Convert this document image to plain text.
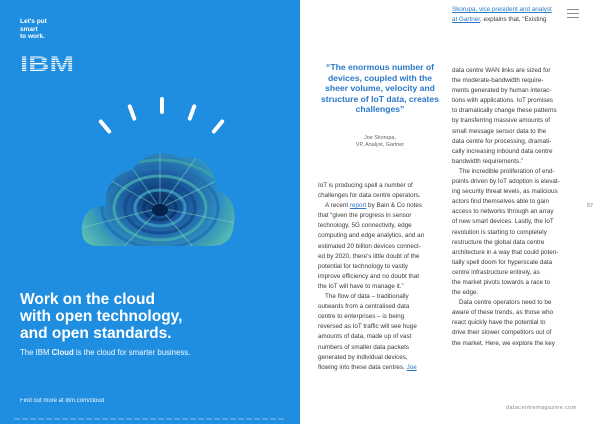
Let's put
smart
to work.
IBM
Work on the cloud
with open technology,
and open standards.
The IBM Cloud is the cloud for smarter business.
Find out more at ibm.com/cloud
“The enormous number of devices, coupled with the sheer volume, velocity and structure of IoT data, creates challenges”
Joe Skorupa,
VP, Analyst, Gartner
IoT is producing spell a number of
challenges for data centre operators.
A recent report by Bain & Co notes
that “given the progress in sensor
technology, 5G connectivity, edge
computing and edge analytics, and an
estimated 20 billion devices connect-
ed by 2020, there's little doubt of the
potential for technology to vastly
improve efficiency and no doubt that
the IoT will have to manage it.”
The flow of data – traditionally
outwards from a centralised data
centre to enterprises – is being
reversed as IoT traffic will see huge
amounts of data, made up of vast
numbers of smaller data packets
generated by individual devices,
flowing into these data centres. Joe
Skorupa, vice president and analyst
at Gartner, explains that, “Existing
data centre WAN links are sized for
the moderate-bandwidth require-
ments generated by human interac-
tions with applications. IoT promises
to dramatically change these patterns
by transferring massive amounts of
small message sensor data to the
data centre for processing, dramati-
cally increasing inbound data centre
bandwidth requirements.”
The incredible proliferation of end-
points driven by IoT adoption is elevat-
ing security threat levels, as malicious
actors find themselves able to gain
access to networks through an array
of new smart devices. Lastly, the IoT
revolution is starting to completely
restructure the global data centre
architecture in a way that could poten-
tially spell doom for hyperscale data
centre infrastructure entirely, as
the market pivots towards a race to
the edge.
Data centre operators need to be
aware of these trends, as those who
react quickly have the potential to
drive their slower competitors out of
the market. Here, we explore the key
57
datacentremagazine.com
